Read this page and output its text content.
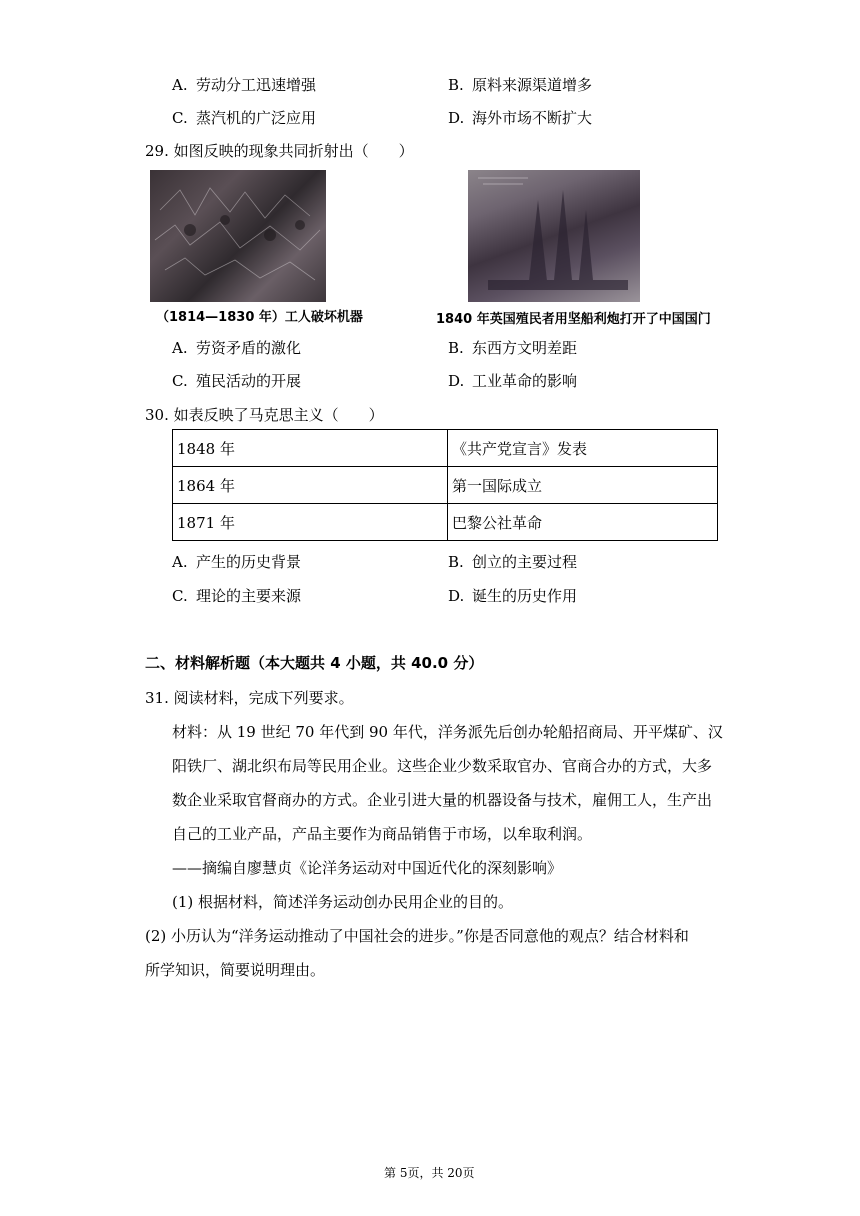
A. 劳动分工迅速增强	B. 原料来源渠道增多
C. 蒸汽机的广泛应用	D. 海外市场不断扩大
29. 如图反映的现象共同折射出（　　）
（1814—1830 年）工人破坏机器	1840 年英国殖民者用坚船利炮打开了中国国门
A. 劳资矛盾的激化	B. 东西方文明差距
C. 殖民活动的开展	D. 工业革命的影响
30. 如表反映了马克思主义（　　）
1848 年	《共产党宣言》发表
1864 年	第一国际成立
1871 年	巴黎公社革命
A. 产生的历史背景	B. 创立的主要过程
C. 理论的主要来源	D. 诞生的历史作用
二、材料解析题（本大题共 4 小题，共 40.0 分）
31. 阅读材料，完成下列要求。
材料：从 19 世纪 70 年代到 90 年代，洋务派先后创办轮船招商局、开平煤矿、汉
阳铁厂、湖北织布局等民用企业。这些企业少数采取官办、官商合办的方式，大多
数企业采取官督商办的方式。企业引进大量的机器设备与技术，雇佣工人，生产出
自己的工业产品，产品主要作为商品销售于市场，以牟取利润。
——摘编自廖慧贞《论洋务运动对中国近代化的深刻影响》
(1) 根据材料，简述洋务运动创办民用企业的目的。
(2) 小历认为“洋务运动推动了中国社会的进步。”你是否同意他的观点？结合材料和
所学知识，简要说明理由。
第 5页，共 20页
